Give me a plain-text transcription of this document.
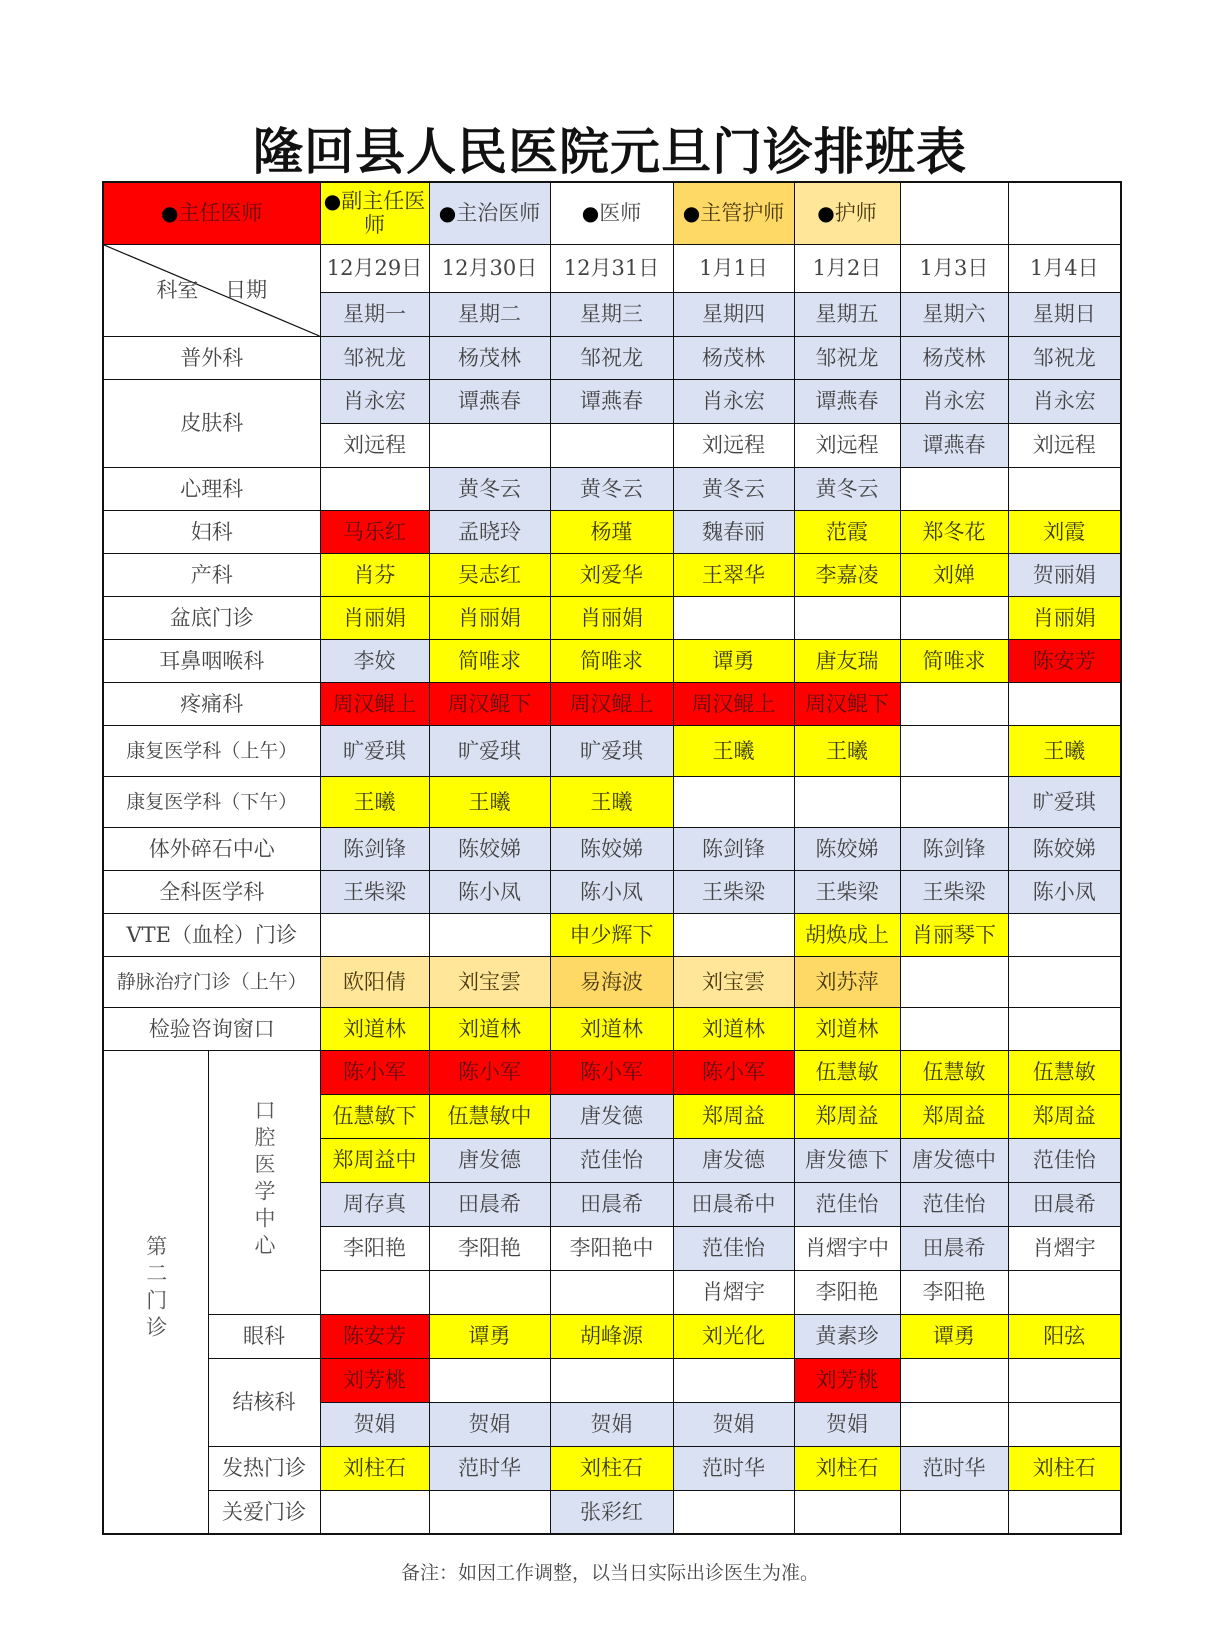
隆回县人民医院元旦门诊排班表
●主任医师		●副主任医师	●主治医师	●医师	●主管护师	●护师		

科室 日期		12月29日	12月30日	12月31日	1月1日	1月2日	1月3日	1月4日
		星期一	星期二	星期三	星期四	星期五	星期六	星期日
普外科		邹祝龙	杨茂林	邹祝龙	杨茂林	邹祝龙	杨茂林	邹祝龙
皮肤科		肖永宏	谭燕春	谭燕春	肖永宏	谭燕春	肖永宏	肖永宏
		刘远程			刘远程	刘远程	谭燕春	刘远程
心理科			黄冬云	黄冬云	黄冬云	黄冬云		
妇科		马乐红	孟晓玲	杨瑾	魏春丽	范霞	郑冬花	刘霞
产科		肖芬	吴志红	刘爱华	王翠华	李嘉凌	刘婵	贺丽娟
盆底门诊		肖丽娟	肖丽娟	肖丽娟				肖丽娟
耳鼻咽喉科		李姣	简唯求	简唯求	谭勇	唐友瑞	简唯求	陈安芳
疼痛科		周汉鲲上	周汉鲲下	周汉鲲上	周汉鲲上	周汉鲲下		
康复医学科（上午）		旷爱琪	旷爱琪	旷爱琪	王曦	王曦		王曦
康复医学科（下午）		王曦	王曦	王曦				旷爱琪
体外碎石中心		陈剑锋	陈姣娣	陈姣娣	陈剑锋	陈姣娣	陈剑锋	陈姣娣
全科医学科		王柴梁	陈小凤	陈小凤	王柴梁	王柴梁	王柴梁	陈小凤
VTE（血栓）门诊				申少辉下		胡焕成上	肖丽琴下	
静脉治疗门诊（上午）		欧阳倩	刘宝雲	易海波	刘宝雲	刘苏萍		
检验咨询窗口		刘道林	刘道林	刘道林	刘道林	刘道林		
第二门诊	口腔医学中心	陈小军	陈小军	陈小军	陈小军	伍慧敏	伍慧敏	伍慧敏
		伍慧敏下	伍慧敏中	唐发德	郑周益	郑周益	郑周益	郑周益
		郑周益中	唐发德	范佳怡	唐发德	唐发德下	唐发德中	范佳怡
		周存真	田晨希	田晨希	田晨希中	范佳怡	范佳怡	田晨希
		李阳艳	李阳艳	李阳艳中	范佳怡	肖熠宇中	田晨希	肖熠宇
					肖熠宇	李阳艳	李阳艳	
	眼科	陈安芳	谭勇	胡峰源	刘光化	黄素珍	谭勇	阳弦
	结核科	刘芳桃				刘芳桃		
		贺娟	贺娟	贺娟	贺娟	贺娟		
	发热门诊	刘柱石	范时华	刘柱石	范时华	刘柱石	范时华	刘柱石
	关爱门诊			张彩红				
备注：如因工作调整，以当日实际出诊医生为准。
